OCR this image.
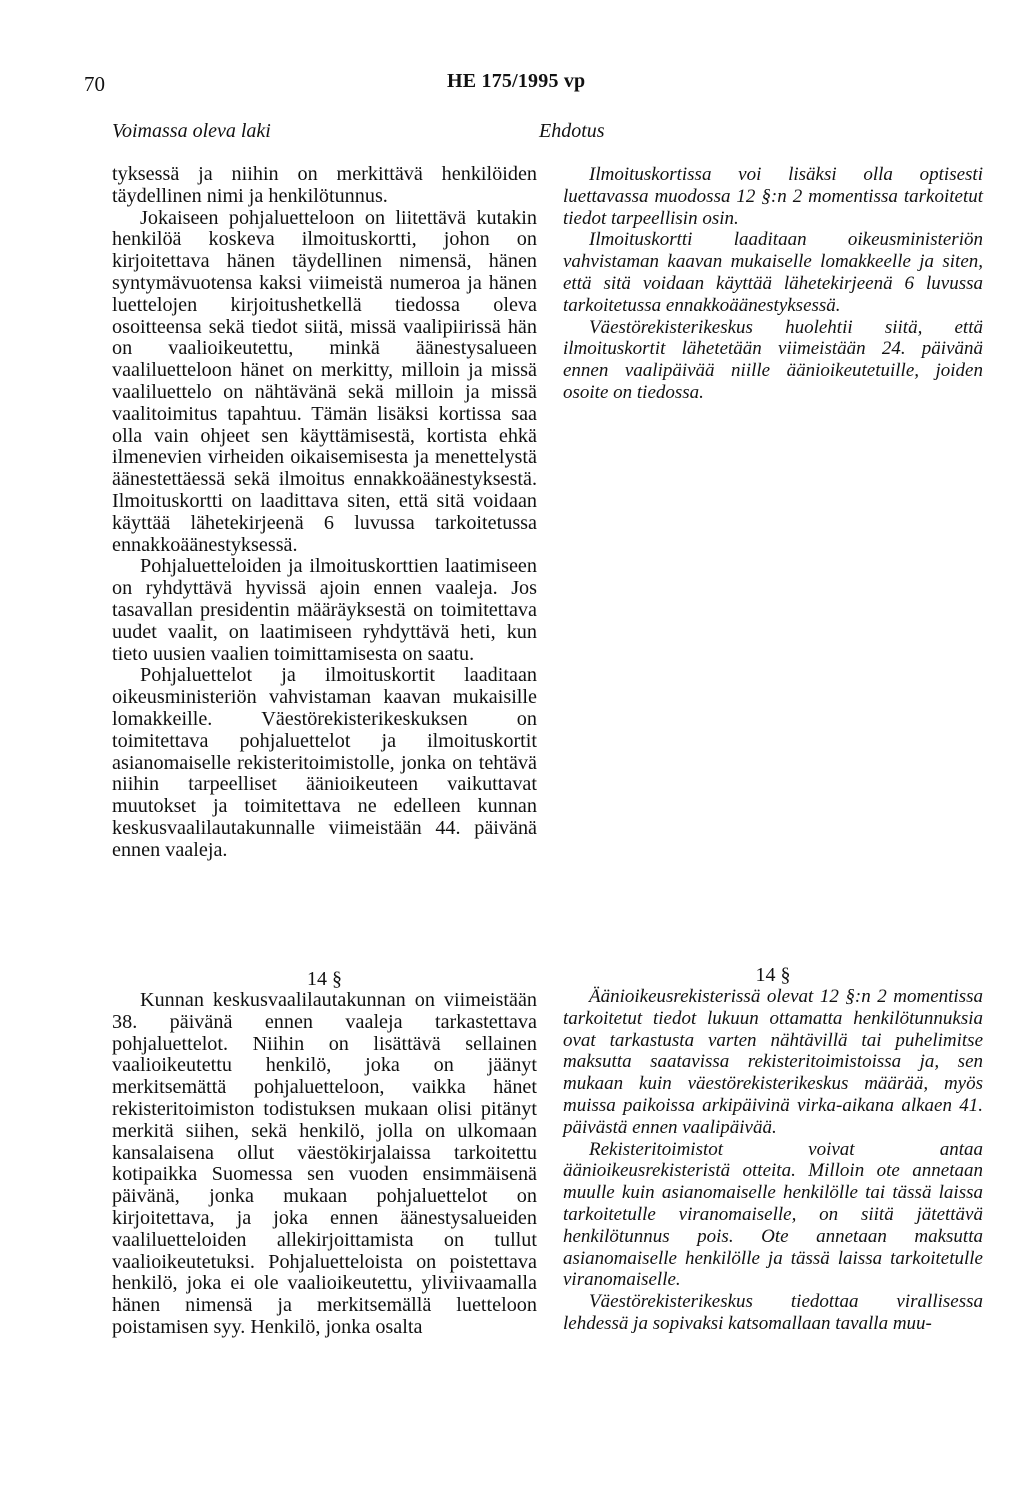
70	HE 175/1995 vp
Voimassa oleva laki	Ehdotus

tyksessä ja niihin on merkittävä henkilöiden täydellinen nimi ja henkilötunnus.

Jokaiseen pohjaluetteloon on liitettävä kutakin henkilöä koskeva ilmoituskortti, johon on kirjoitettava hänen täydellinen nimensä, hänen syntymävuotensa kaksi viimeistä numeroa ja hänen luettelojen kirjoitushetkellä tiedossa oleva osoitteensa sekä tiedot siitä, missä vaalipiirissä hän on vaalioikeutettu, minkä äänestysalueen vaaliluetteloon hänet on merkitty, milloin ja missä vaaliluettelo on nähtävänä sekä milloin ja missä vaalitoimitus tapahtuu. Tämän lisäksi kortissa saa olla vain ohjeet sen käyttämisestä, kortista ehkä ilmenevien virheiden oikaisemisesta ja menettelystä äänestettäessä sekä ilmoitus ennakkoäänestyksestä. Ilmoituskortti on laadittava siten, että sitä voidaan käyttää lähetekirjeenä 6 luvussa tarkoitetussa ennakkoäänestyksessä.

Pohjaluetteloiden ja ilmoituskorttien laatimiseen on ryhdyttävä hyvissä ajoin ennen vaaleja. Jos tasavallan presidentin määräyksestä on toimitettava uudet vaalit, on laatimiseen ryhdyttävä heti, kun tieto uusien vaalien toimittamisesta on saatu.

Pohjaluettelot ja ilmoituskortit laaditaan oikeusministeriön vahvistaman kaavan mukaisille lomakkeille. Väestörekisterikeskuksen on toimitettava pohjaluettelot ja ilmoituskortit asianomaiselle rekisteritoimistolle, jonka on tehtävä niihin tarpeelliset äänioikeuteen vaikuttavat muutokset ja toimitettava ne edelleen kunnan keskusvaalilautakunnalle viimeistään 44. päivänä ennen vaaleja.

14 §

Kunnan keskusvaalilautakunnan on viimeistään 38. päivänä ennen vaaleja tarkastettava pohjaluettelot. Niihin on lisättävä sellainen vaalioikeutettu henkilö, joka on jäänyt merkitsemättä pohjaluetteloon, vaikka hänet rekisteritoimiston todistuksen mukaan olisi pitänyt merkitä siihen, sekä henkilö, jolla on ulkomaan kansalaisena ollut väestökirjalaissa tarkoitettu kotipaikka Suomessa sen vuoden ensimmäisenä päivänä, jonka mukaan pohjaluettelot on kirjoitettava, ja joka ennen äänestysalueiden vaaliluetteloiden allekirjoittamista on tullut vaalioikeutetuksi. Pohjaluetteloista on poistettava henkilö, joka ei ole vaalioikeutettu, yliviivaamalla hänen nimensä ja merkitsemällä luetteloon poistamisen syy. Henkilö, jonka osalta

Ilmoituskortissa voi lisäksi olla optisesti luettavassa muodossa 12 §:n 2 momentissa tarkoitetut tiedot tarpeellisin osin.

Ilmoituskortti laaditaan oikeusministeriön vahvistaman kaavan mukaiselle lomakkeelle ja siten, että sitä voidaan käyttää lähetekirjeenä 6 luvussa tarkoitetussa ennakkoäänestyksessä.

Väestörekisterikeskus huolehtii siitä, että ilmoituskortit lähetetään viimeistään 24. päivänä ennen vaalipäivää niille äänioikeutetuille, joiden osoite on tiedossa.

14 §

Äänioikeusrekisterissä olevat 12 §:n 2 momentissa tarkoitetut tiedot lukuun ottamatta henkilötunnuksia ovat tarkastusta varten nähtävillä tai puhelimitse maksutta saatavissa rekisteritoimistoissa ja, sen mukaan kuin väestörekisterikeskus määrää, myös muissa paikoissa arkipäivinä virka-aikana alkaen 41. päivästä ennen vaalipäivää.

Rekisteritoimistot voivat antaa äänioikeusrekisteristä otteita. Milloin ote annetaan muulle kuin asianomaiselle henkilölle tai tässä laissa tarkoitetulle viranomaiselle, on siitä jätettävä henkilötunnus pois. Ote annetaan maksutta asianomaiselle henkilölle ja tässä laissa tarkoitetulle viranomaiselle.

Väestörekisterikeskus tiedottaa virallisessa lehdessä ja sopivaksi katsomallaan tavalla muu-
